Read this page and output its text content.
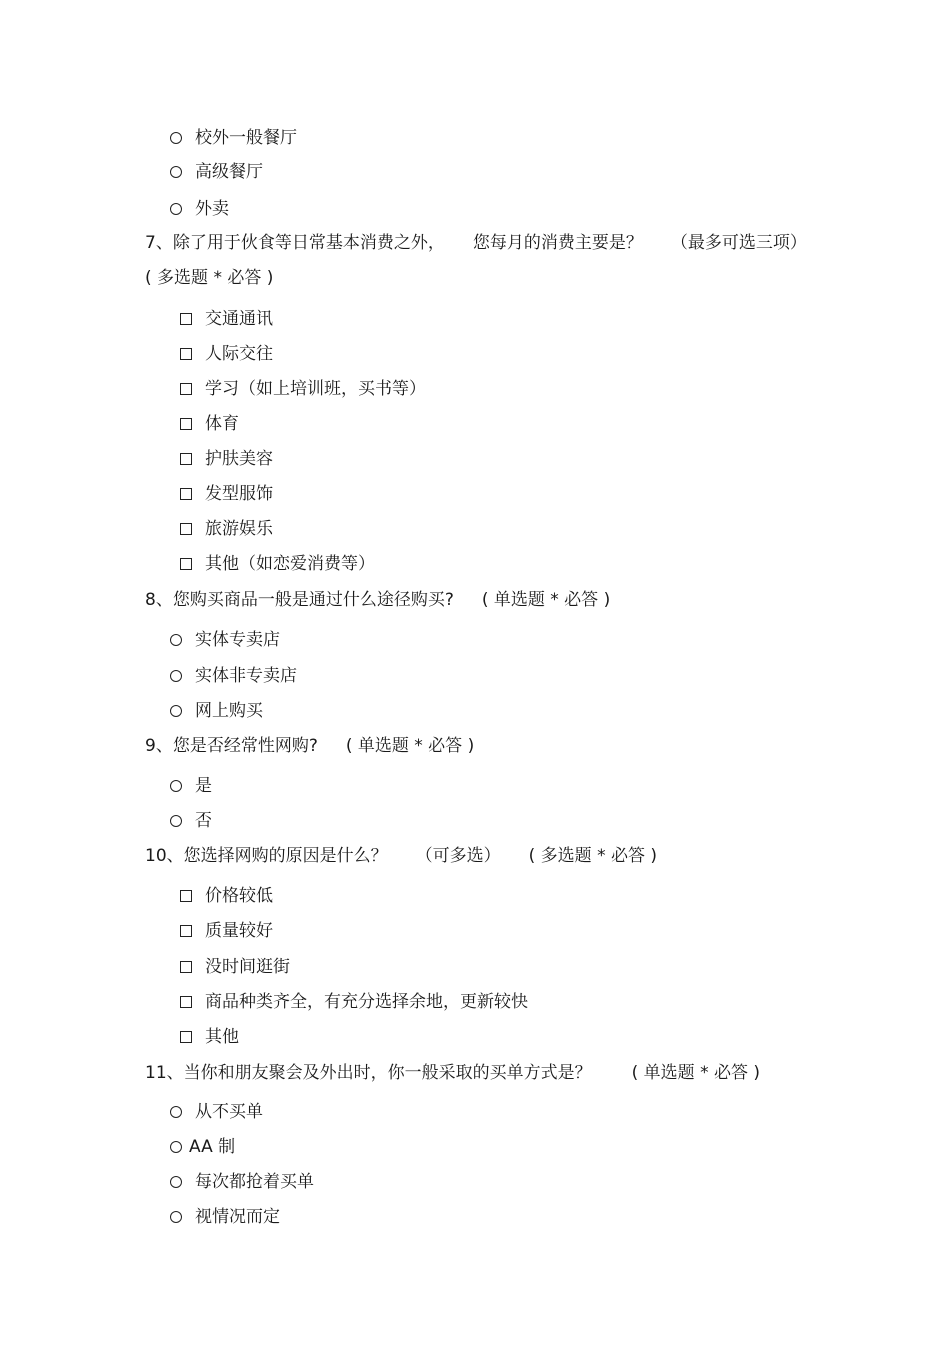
校外一般餐厅
高级餐厅
外卖
7、除了用于伙食等日常基本消费之外， 您每月的消费主要是？ （最多可选三项）
( 多选题 * 必答 )
交通通讯
人际交往
学习（如上培训班，买书等）
体育
护肤美容
发型服饰
旅游娱乐
其他（如恋爱消费等）
8、您购买商品一般是通过什么途径购买? ( 单选题 * 必答 )
实体专卖店
实体非专卖店
网上购买
9、您是否经常性网购? ( 单选题 * 必答 )
是
否
10、您选择网购的原因是什么？ （可多选） ( 多选题 * 必答 )
价格较低
质量较好
没时间逛街
商品种类齐全，有充分选择余地，更新较快
其他
11、当你和朋友聚会及外出时，你一般采取的买单方式是？ ( 单选题 * 必答 )
从不买单
AA 制
每次都抢着买单
视情况而定
